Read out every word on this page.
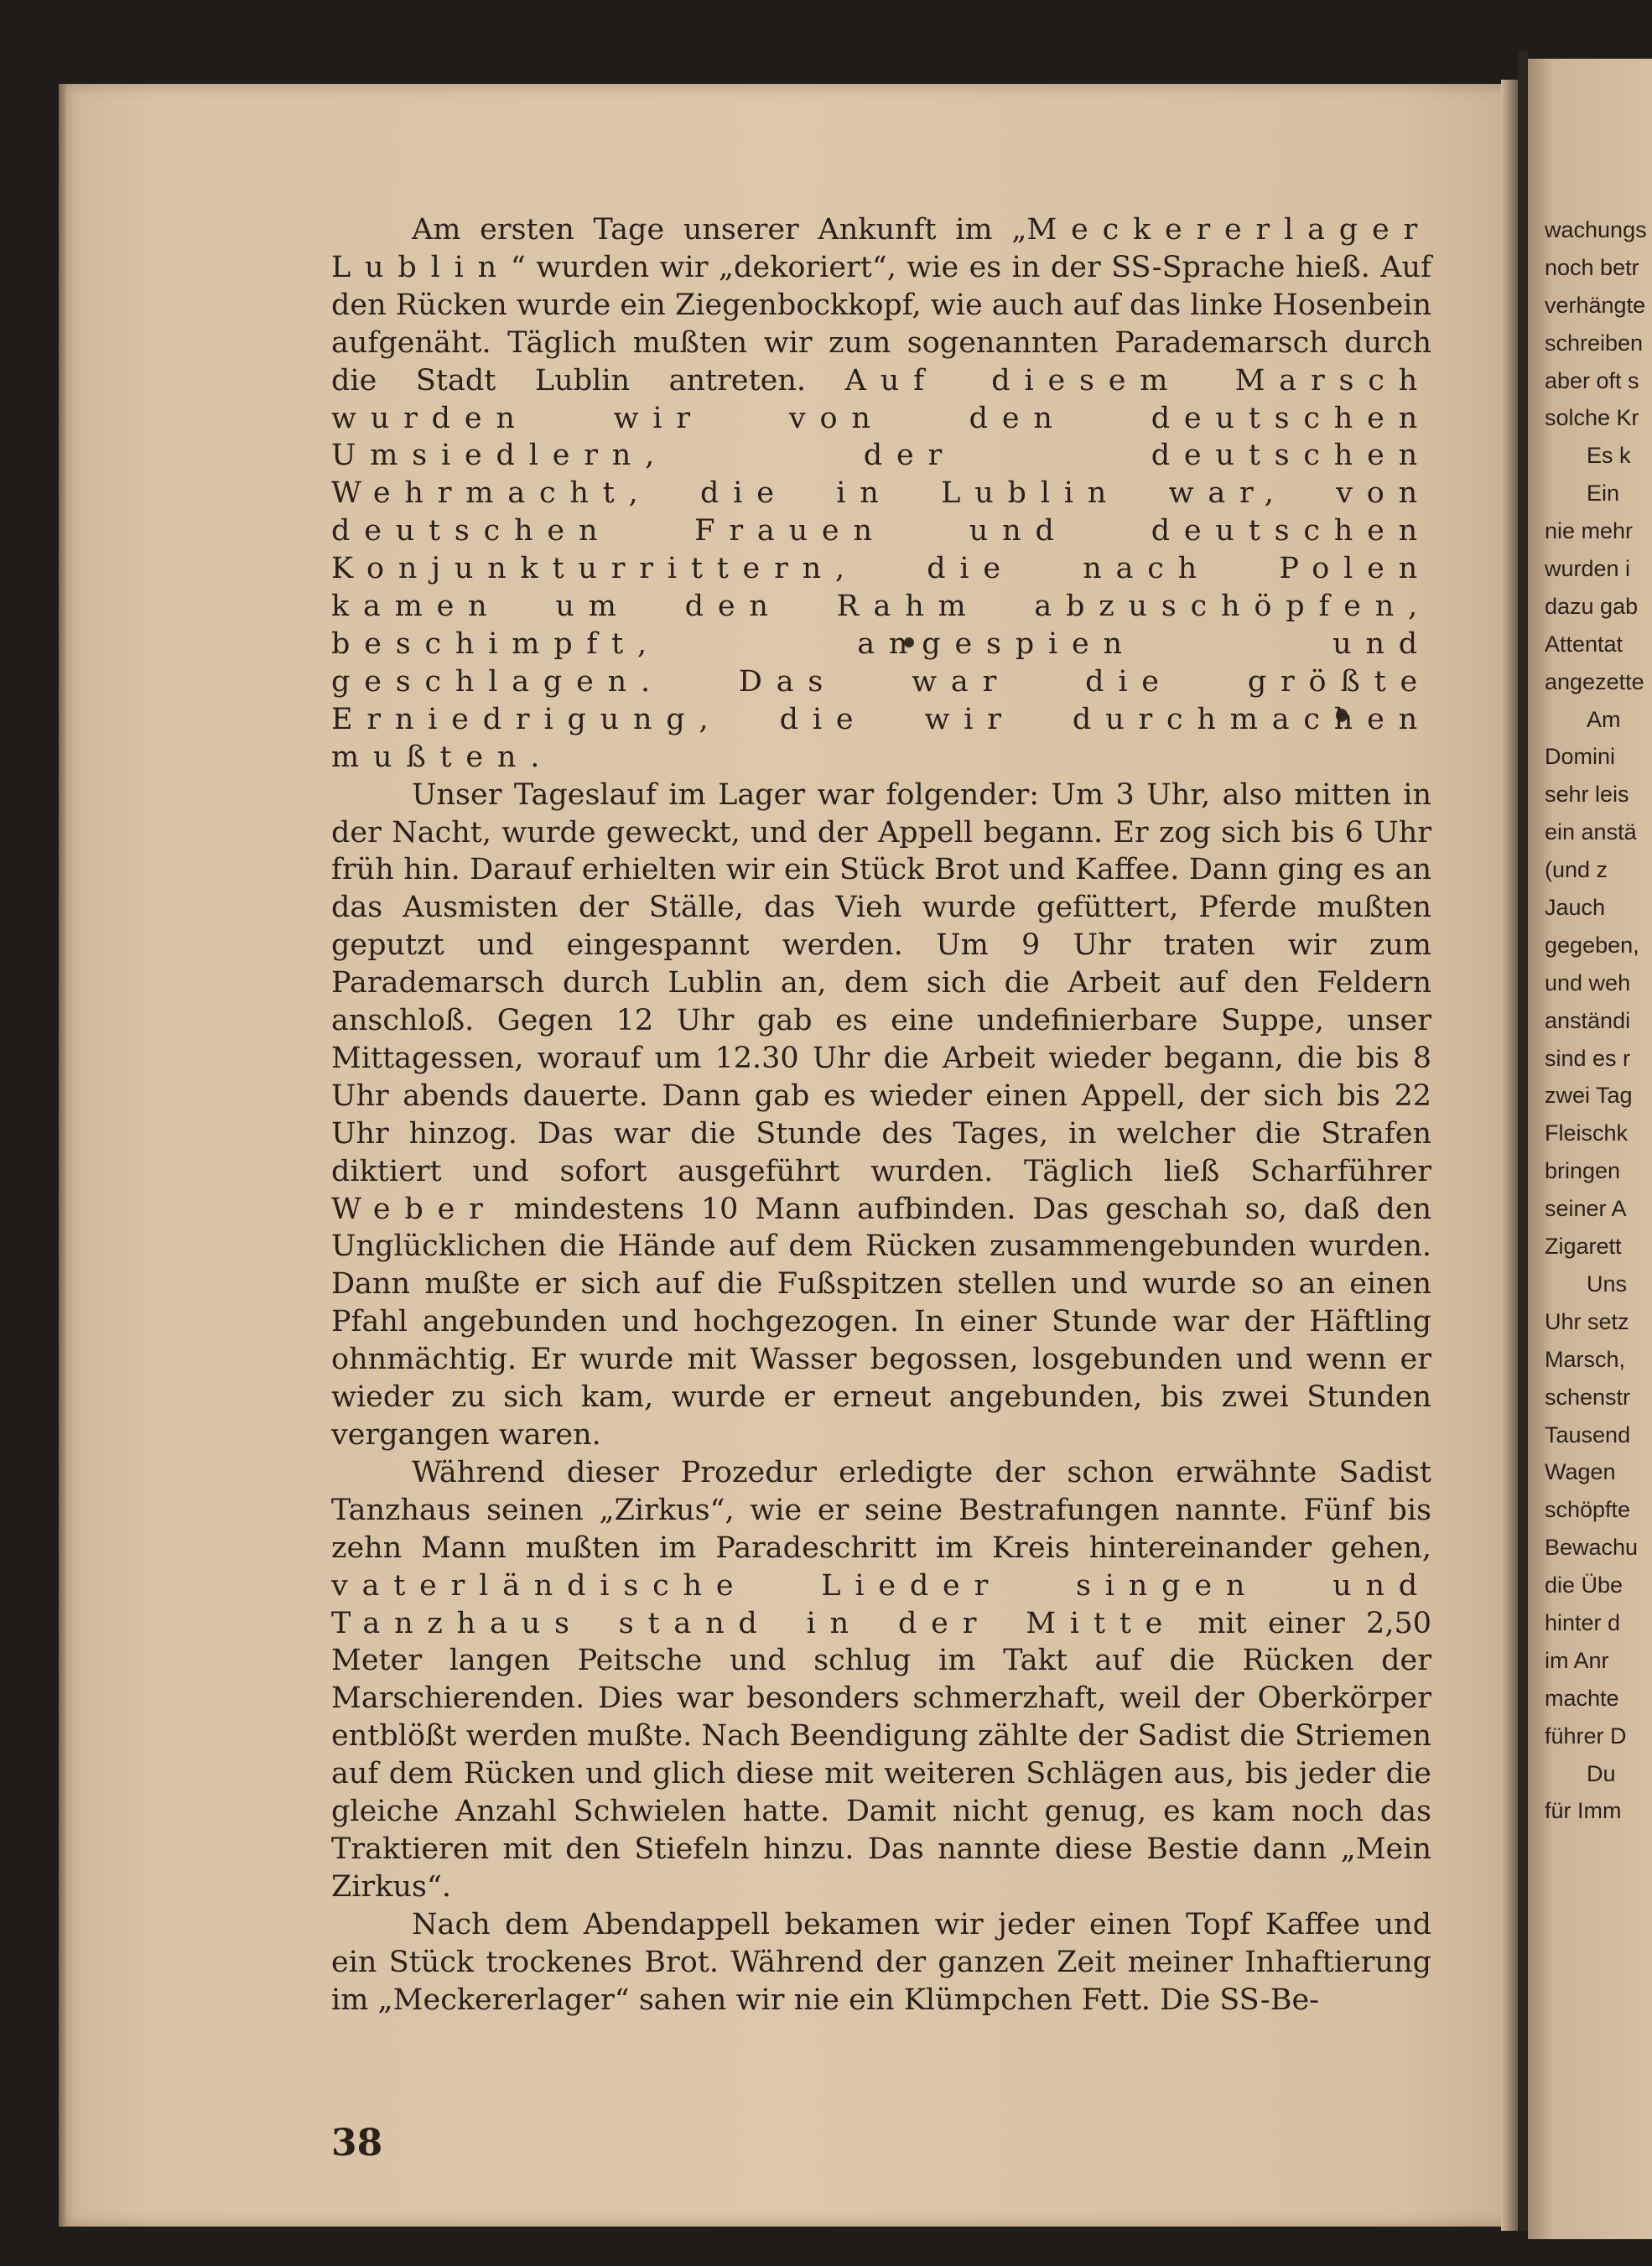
Am ersten Tage unserer Ankunft im „Meckererlager Lublin“ wurden wir „dekoriert“, wie es in der SS-Sprache hieß. Auf den Rücken wurde ein Ziegenbockkopf, wie auch auf das linke Hosenbein aufgenäht. Täglich mußten wir zum sogenannten Parademarsch durch die Stadt Lublin antreten. Auf diesem Marsch wurden wir von den deutschen Umsiedlern, der deutschen Wehrmacht, die in Lublin war, von deutschen Frauen und deutschen Konjunkturrittern, die nach Polen kamen um den Rahm abzuschöpfen, beschimpft, angespien und geschlagen. Das war die größte Erniedrigung, die wir durchmachen mußten.

Unser Tageslauf im Lager war folgender: Um 3 Uhr, also mitten in der Nacht, wurde geweckt, und der Appell begann. Er zog sich bis 6 Uhr früh hin. Darauf erhielten wir ein Stück Brot und Kaffee. Dann ging es an das Ausmisten der Ställe, das Vieh wurde gefüttert, Pferde mußten geputzt und eingespannt werden. Um 9 Uhr traten wir zum Parademarsch durch Lublin an, dem sich die Arbeit auf den Feldern anschloß. Gegen 12 Uhr gab es eine undefinierbare Suppe, unser Mittagessen, worauf um 12.30 Uhr die Arbeit wieder begann, die bis 8 Uhr abends dauerte. Dann gab es wieder einen Appell, der sich bis 22 Uhr hinzog. Das war die Stunde des Tages, in welcher die Strafen diktiert und sofort ausgeführt wurden. Täglich ließ Scharführer Weber mindestens 10 Mann aufbinden. Das geschah so, daß den Unglücklichen die Hände auf dem Rücken zusammengebunden wurden. Dann mußte er sich auf die Fußspitzen stellen und wurde so an einen Pfahl angebunden und hochgezogen. In einer Stunde war der Häftling ohnmächtig. Er wurde mit Wasser begossen, losgebunden und wenn er wieder zu sich kam, wurde er erneut angebunden, bis zwei Stunden vergangen waren.

Während dieser Prozedur erledigte der schon erwähnte Sadist Tanzhaus seinen „Zirkus“, wie er seine Bestrafungen nannte. Fünf bis zehn Mann mußten im Paradeschritt im Kreis hintereinander gehen, vaterländische Lieder singen und Tanzhaus stand in der Mitte mit einer 2,50 Meter langen Peitsche und schlug im Takt auf die Rücken der Marschierenden. Dies war besonders schmerzhaft, weil der Oberkörper entblößt werden mußte. Nach Beendigung zählte der Sadist die Striemen auf dem Rücken und glich diese mit weiteren Schlägen aus, bis jeder die gleiche Anzahl Schwielen hatte. Damit nicht genug, es kam noch das Traktieren mit den Stiefeln hinzu. Das nannte diese Bestie dann „Mein Zirkus“.

Nach dem Abendappell bekamen wir jeder einen Topf Kaffee und ein Stück trockenes Brot. Während der ganzen Zeit meiner Inhaftierung im „Meckererlager“ sahen wir nie ein Klümpchen Fett. Die SS-Be-

38
wachungs
noch betr
verhängte
schreiben
aber oft s
solche Kr
Es k
Ein
nie mehr
wurden i
dazu gab
Attentat
angezette
Am
Domini
sehr leis
ein anstä
(und z
Jauch
gegeben,
und weh
anständi
sind es r
zwei Tag
Fleischk
bringen
seiner A
Zigarett
Uns
Uhr setz
Marsch,
schenstr
Tausend
Wagen
schöpfte
Bewachu
die Übe
hinter d
im Anr
machte
führer D
Du
für Imm
